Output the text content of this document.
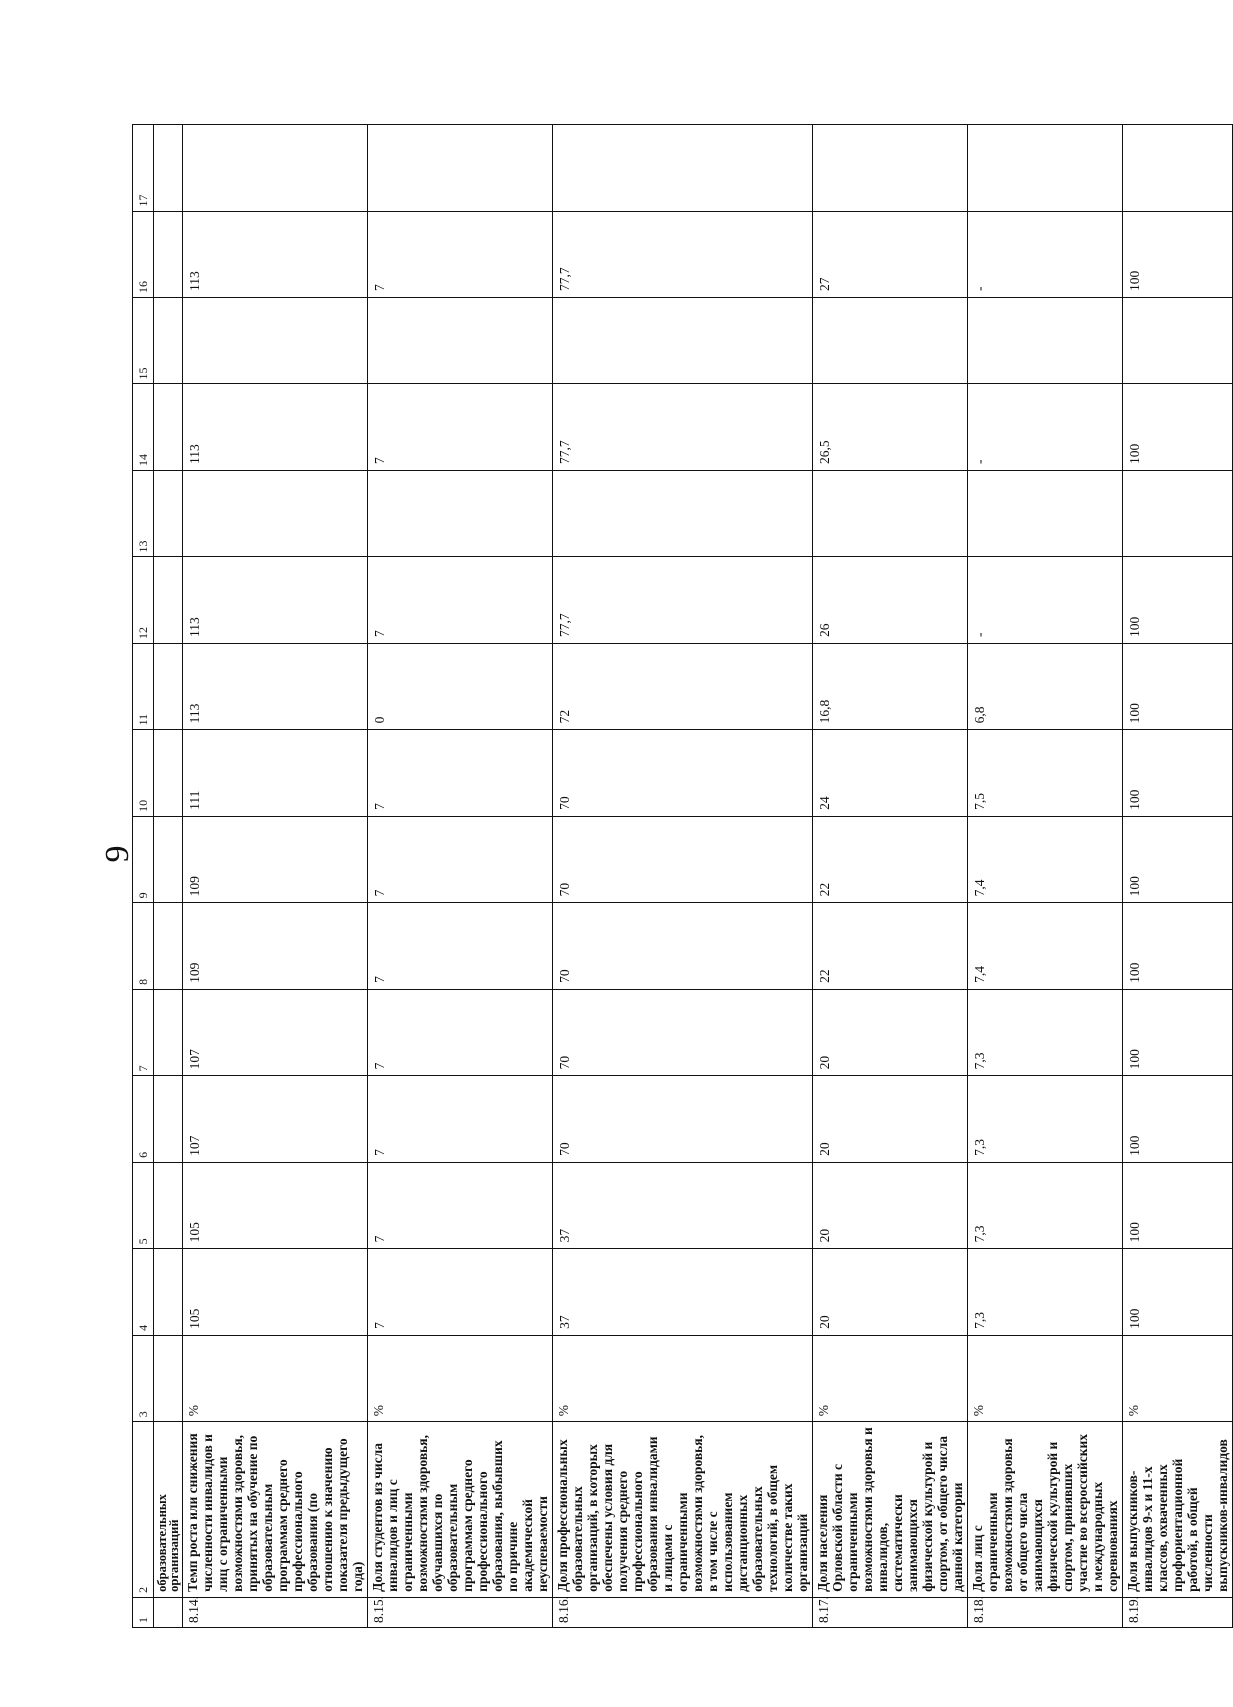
9
1	2	3	4	5	6	7	8	9	10	11	12	13	14	15	16	17
	образовательных организаций															
8.14.	Темп роста или снижения численности инвалидов и лиц с ограниченными возможностями здоровья, принятых на обучение по образовательным программам среднего профессионального образования (по отношению к значению показателя предыдущего года)	%	105	105	107	107	109	109	111	113	113		113		113	
8.15.	Доля студентов из числа инвалидов и лиц с ограниченными возможностями здоровья, обучавшихся по образовательным программам среднего профессионального образования, выбывших по причине академической неуспеваемости	%	7	7	7	7	7	7	7	0	7		7		7	
8.16.	Доля профессиональных образовательных организаций, в которых обеспечены условия для получения среднего профессионального образования инвалидами и лицами с ограниченными возможностями здоровья, в том числе с использованием дистанционных образовательных технологий, в общем количестве таких организаций	%	37	37	70	70	70	70	70	72	77,7		77,7		77,7	
8.17.	Доля населения Орловской области с ограниченными возможностями здоровья и инвалидов, систематически занимающихся физической культурой и спортом, от общего числа данной категории	%	20	20	20	20	22	22	24	16,8	26		26,5		27	
8.18.	Доля лиц с ограниченными возможностями здоровья от общего числа занимающихся физической культурой и спортом, принявших участие во всероссийских и международных соревнованиях	%	7,3	7,3	7,3	7,3	7,4	7,4	7,5	6,8	-		-		-	
8.19.	Доля выпускников-инвалидов 9-х и 11-х классов, охваченных профориентационной работой, в общей численности выпускников-инвалидов	%	100	100	100	100	100	100	100	100	100		100		100	
